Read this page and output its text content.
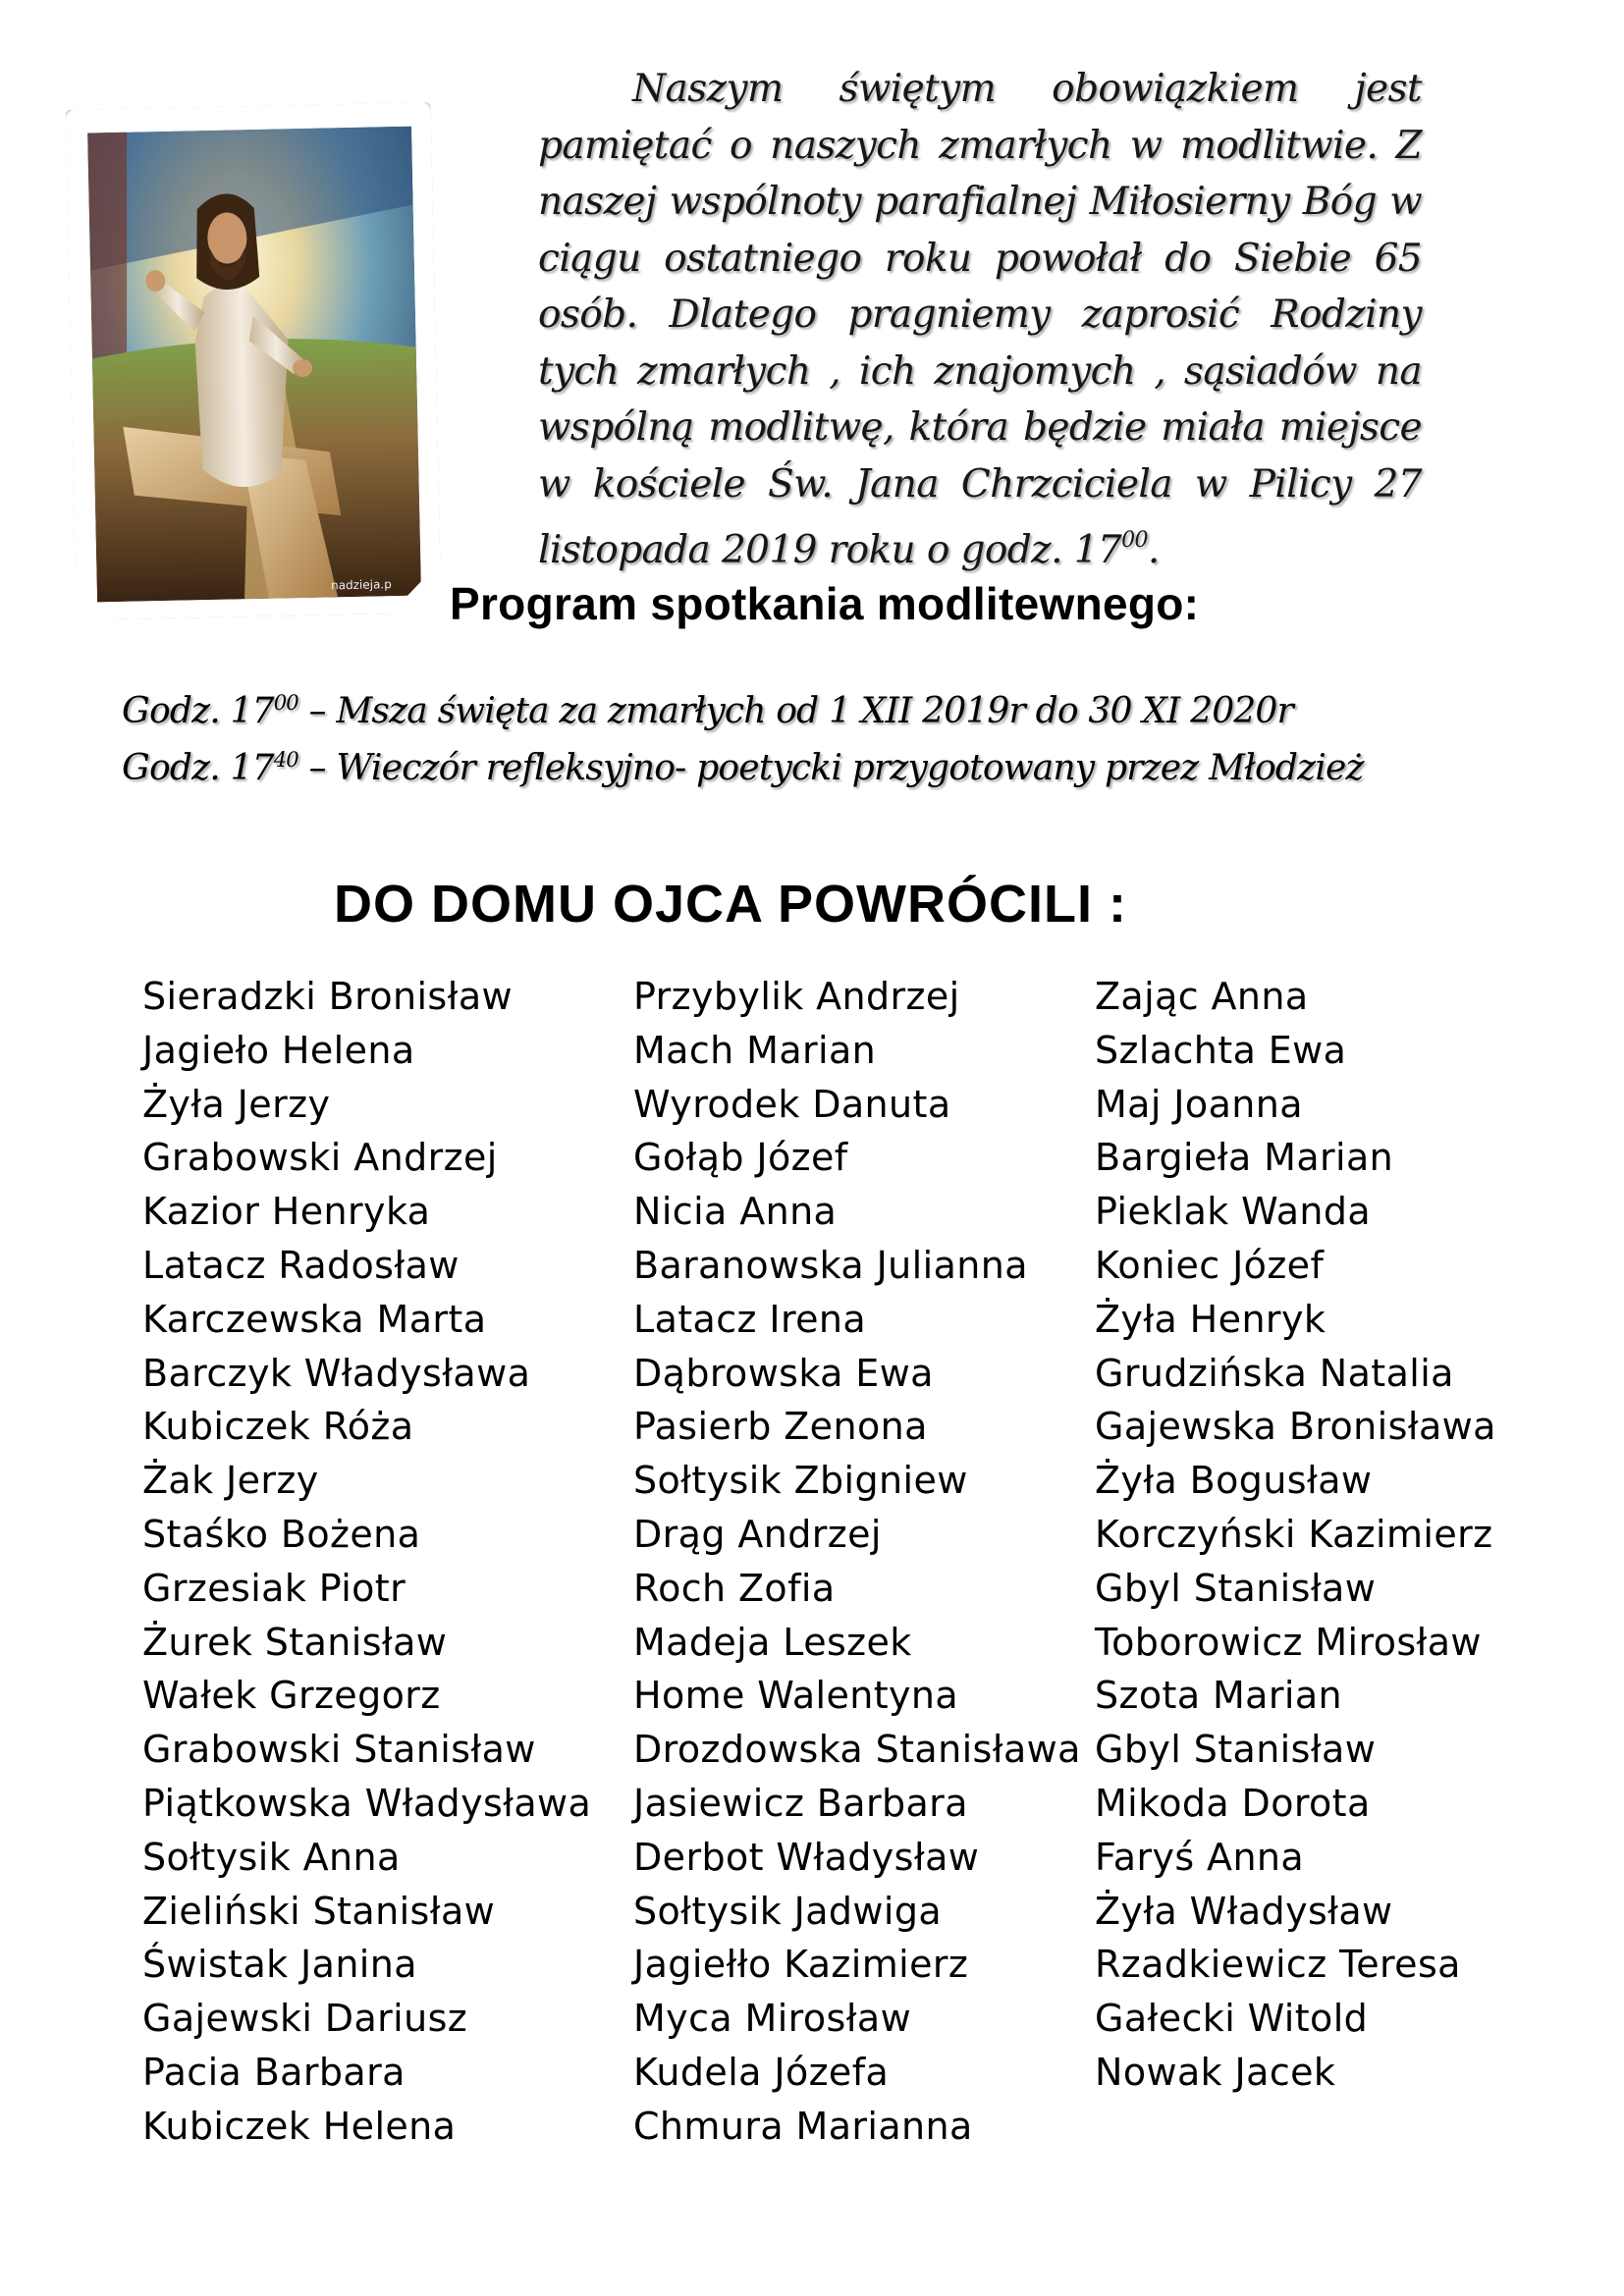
nadzieja.p
Naszym świętym obowiązkiem jest pamiętać o naszych zmarłych w modlitwie. Z naszej wspólnoty parafialnej Miłosierny Bóg w ciągu ostatniego roku powołał do Siebie 65 osób. Dlatego pragniemy zaprosić Rodziny tych zmarłych , ich znajomych , sąsiadów na wspólną modlitwę, która będzie miała miejsce w kościele Św. Jana Chrzciciela w Pilicy 27 listopada 2019 roku o godz. $17^{00}$.
Program spotkania modlitewnego:
Godz. $17^{00}$ – Msza święta za zmarłych od 1 XII 2019r do 30 XI 2020r
Godz. $17^{40}$ – Wieczór refleksyjno- poetycki przygotowany przez Młodzież
DO DOMU OJCA POWRÓCILI :
Sieradzki Bronisław
Jagieło Helena
Żyła Jerzy
Grabowski Andrzej
Kazior Henryka
Latacz Radosław
Karczewska Marta
Barczyk Władysława
Kubiczek Róża
Żak Jerzy
Staśko Bożena
Grzesiak Piotr
Żurek Stanisław
Wałek Grzegorz
Grabowski Stanisław
Piątkowska Władysława
Sołtysik Anna
Zieliński Stanisław
Świstak Janina
Gajewski Dariusz
Pacia Barbara
Kubiczek Helena
Przybylik Andrzej
Mach Marian
Wyrodek Danuta
Gołąb Józef
Nicia Anna
Baranowska Julianna
Latacz Irena
Dąbrowska Ewa
Pasierb Zenona
Sołtysik Zbigniew
Drąg Andrzej
Roch Zofia
Madeja Leszek
Home Walentyna
Drozdowska Stanisława
Jasiewicz Barbara
Derbot Władysław
Sołtysik Jadwiga
Jagiełło Kazimierz
Myca Mirosław
Kudela Józefa
Chmura Marianna
Zając Anna
Szlachta Ewa
Maj Joanna
Bargieła Marian
Pieklak Wanda
Koniec Józef
Żyła Henryk
Grudzińska Natalia
Gajewska Bronisława
Żyła Bogusław
Korczyński Kazimierz
Gbyl Stanisław
Toborowicz Mirosław
Szota Marian
Gbyl Stanisław
Mikoda Dorota
Faryś Anna
Żyła Władysław
Rzadkiewicz Teresa
Gałecki Witold
Nowak Jacek
